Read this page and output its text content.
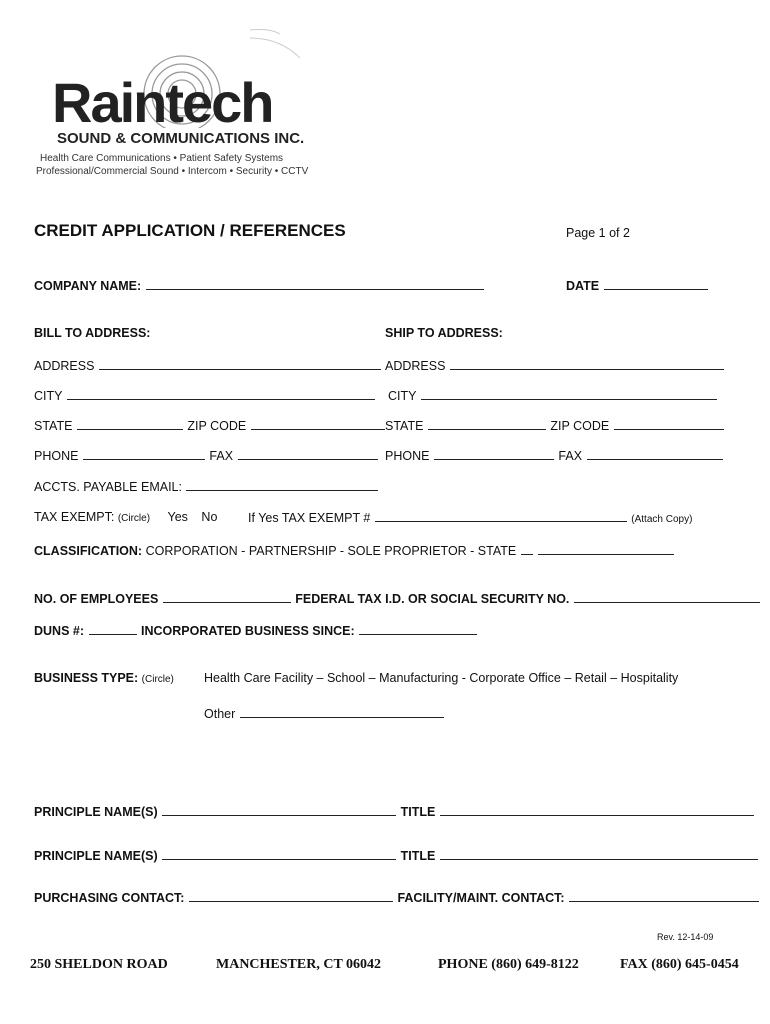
Raintech
SOUND & COMMUNICATIONS INC.
Health Care Communications • Patient Safety Systems
Professional/Commercial Sound • Intercom • Security • CCTV
CREDIT APPLICATION / REFERENCES	Page 1 of 2
COMPANY NAME:	DATE
BILL TO ADDRESS:	SHIP TO ADDRESS:
ADDRESS	ADDRESS
CITY	CITY
STATE	ZIP CODE	STATE	ZIP CODE
PHONE	FAX	PHONE	FAX
ACCTS. PAYABLE EMAIL:
TAX EXEMPT: (Circle) Yes No If Yes TAX EXEMPT #	(Attach Copy)
CLASSIFICATION: CORPORATION - PARTNERSHIP - SOLE PROPRIETOR - STATE
NO. OF EMPLOYEES	FEDERAL TAX I.D. OR SOCIAL SECURITY NO.
DUNS #:	INCORPORATED BUSINESS SINCE:
BUSINESS TYPE: (Circle) Health Care Facility – School – Manufacturing - Corporate Office – Retail – Hospitality
Other
PRINCIPLE NAME(S)	TITLE
PRINCIPLE NAME(S)	TITLE
PURCHASING CONTACT:	FACILITY/MAINT. CONTACT:
Rev. 12-14-09
250 SHELDON ROAD	MANCHESTER, CT 06042	PHONE (860) 649-8122	FAX (860) 645-0454
